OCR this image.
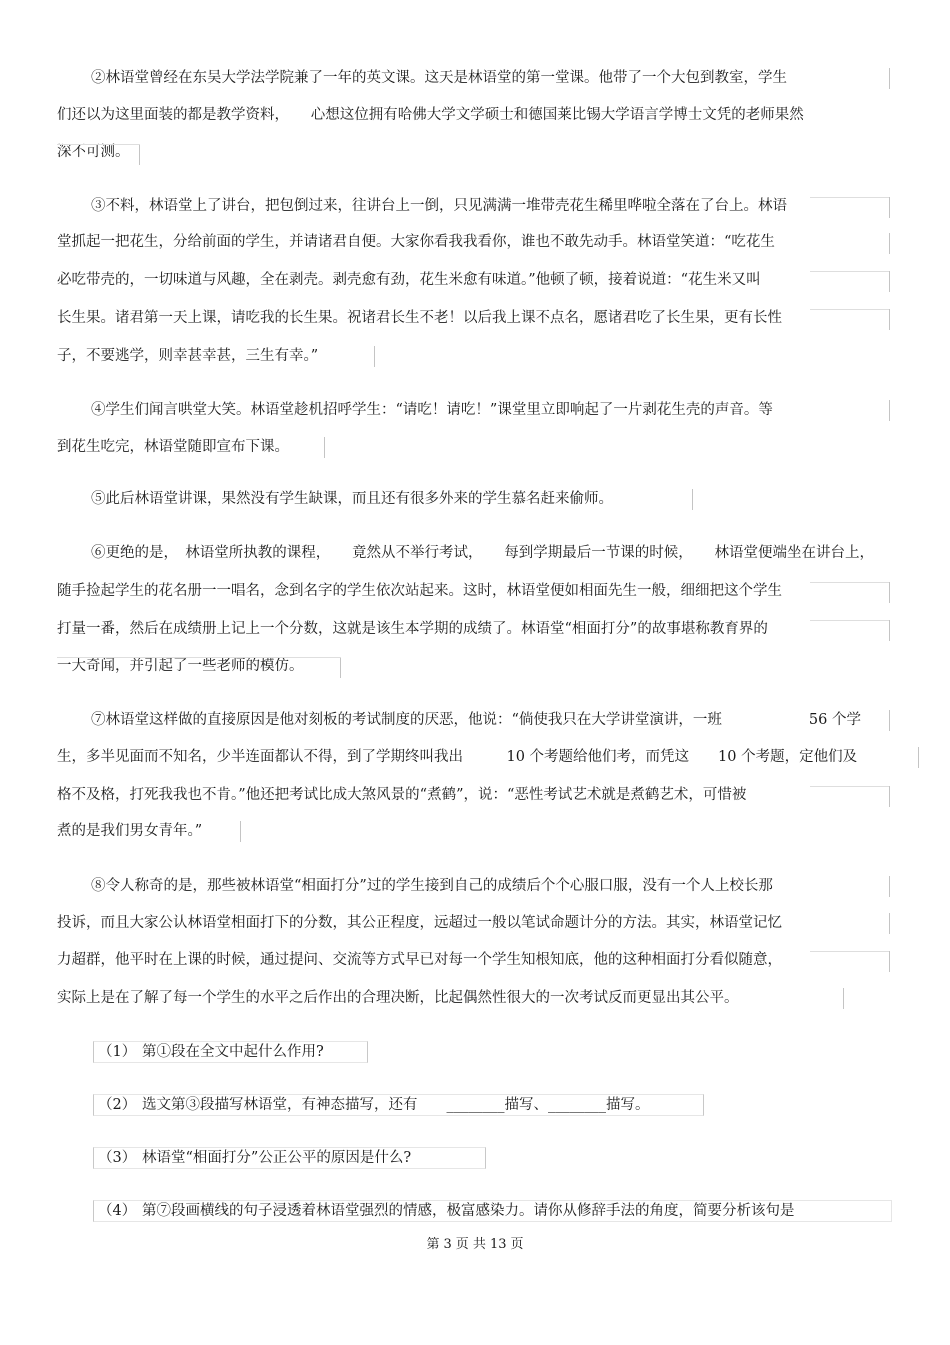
②林语堂曾经在东吴大学法学院兼了一年的英文课。这天是林语堂的第一堂课。他带了一个大包到教室，学生
们还以为这里面装的都是教学资料，　　心想这位拥有哈佛大学文学硕士和德国莱比锡大学语言学博士文凭的老师果然
深不可测。
③不料，林语堂上了讲台，把包倒过来，往讲台上一倒，只见满满一堆带壳花生稀里哗啦全落在了台上。林语
堂抓起一把花生，分给前面的学生，并请诸君自便。大家你看我我看你，谁也不敢先动手。林语堂笑道：“吃花生
必吃带壳的，一切味道与风趣，全在剥壳。剥壳愈有劲，花生米愈有味道。”他顿了顿，接着说道：“花生米又叫
长生果。诸君第一天上课，请吃我的长生果。祝诸君长生不老！以后我上课不点名，愿诸君吃了长生果，更有长性
子，不要逃学，则幸甚幸甚，三生有幸。”
④学生们闻言哄堂大笑。林语堂趁机招呼学生：“请吃！请吃！”课堂里立即响起了一片剥花生壳的声音。等
到花生吃完，林语堂随即宣布下课。
⑤此后林语堂讲课，果然没有学生缺课，而且还有很多外来的学生慕名赶来偷师。
⑥更绝的是，　林语堂所执教的课程，　　竟然从不举行考试，　　每到学期最后一节课的时候，　　林语堂便端坐在讲台上，
随手捡起学生的花名册一一唱名，念到名字的学生依次站起来。这时，林语堂便如相面先生一般，细细把这个学生
打量一番，然后在成绩册上记上一个分数，这就是该生本学期的成绩了。林语堂“相面打分”的故事堪称教育界的
一大奇闻，并引起了一些老师的模仿。
⑦林语堂这样做的直接原因是他对刻板的考试制度的厌恶，他说：“倘使我只在大学讲堂演讲，一班　　　　　　56 个学
生，多半见面而不知名，少半连面都认不得，到了学期终叫我出　　　10 个考题给他们考，而凭这　　10 个考题，定他们及
格不及格，打死我我也不肯。”他还把考试比成大煞风景的“煮鹤”，说：“恶性考试艺术就是煮鹤艺术，可惜被
煮的是我们男女青年。”
⑧令人称奇的是，那些被林语堂“相面打分”过的学生接到自己的成绩后个个心服口服，没有一个人上校长那
投诉，而且大家公认林语堂相面打下的分数，其公正程度，远超过一般以笔试命题计分的方法。其实，林语堂记忆
力超群，他平时在上课的时候，通过提问、交流等方式早已对每一个学生知根知底，他的这种相面打分看似随意，
实际上是在了解了每一个学生的水平之后作出的合理决断，比起偶然性很大的一次考试反而更显出其公平。
（1） 第①段在全文中起什么作用?
（2） 选文第③段描写林语堂，有神态描写，还有　　________描写、________描写。
（3） 林语堂“相面打分”公正公平的原因是什么?
（4） 第⑦段画横线的句子浸透着林语堂强烈的情感，极富感染力。请你从修辞手法的角度，简要分析该句是
第 3 页 共 13 页
